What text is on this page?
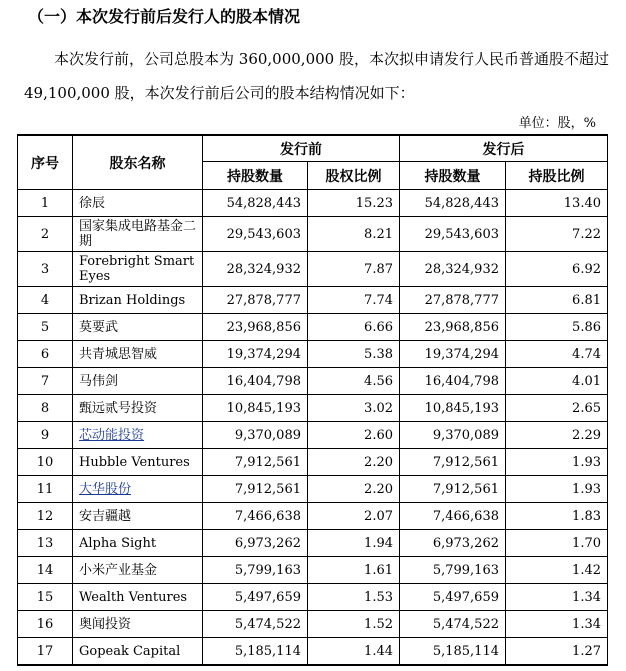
（一）本次发行前后发行人的股本情况

本次发行前，公司总股本为 360,000,000 股，本次拟申请发行人民币普通股不超过 49,100,000 股，本次发行前后公司的股本结构情况如下：

单位：股，%
序号	股东名称	发行前		发行后	
		持股数量	股权比例	持股数量	持股比例
1	徐辰	54,828,443	15.23	54,828,443	13.40
2	国家集成电路基金二期	29,543,603	8.21	29,543,603	7.22
3	Forebright Smart Eyes	28,324,932	7.87	28,324,932	6.92
4	Brizan Holdings	27,878,777	7.74	27,878,777	6.81
5	莫要武	23,968,856	6.66	23,968,856	5.86
6	共青城思智威	19,374,294	5.38	19,374,294	4.74
7	马伟剑	16,404,798	4.56	16,404,798	4.01
8	甄远贰号投资	10,845,193	3.02	10,845,193	2.65
9	芯动能投资	9,370,089	2.60	9,370,089	2.29
10	Hubble Ventures	7,912,561	2.20	7,912,561	1.93
11	大华股份	7,912,561	2.20	7,912,561	1.93
12	安吉疆越	7,466,638	2.07	7,466,638	1.83
13	Alpha Sight	6,973,262	1.94	6,973,262	1.70
14	小米产业基金	5,799,163	1.61	5,799,163	1.42
15	Wealth Ventures	5,497,659	1.53	5,497,659	1.34
16	奥闻投资	5,474,522	1.52	5,474,522	1.34
17	Gopeak Capital	5,185,114	1.44	5,185,114	1.27
